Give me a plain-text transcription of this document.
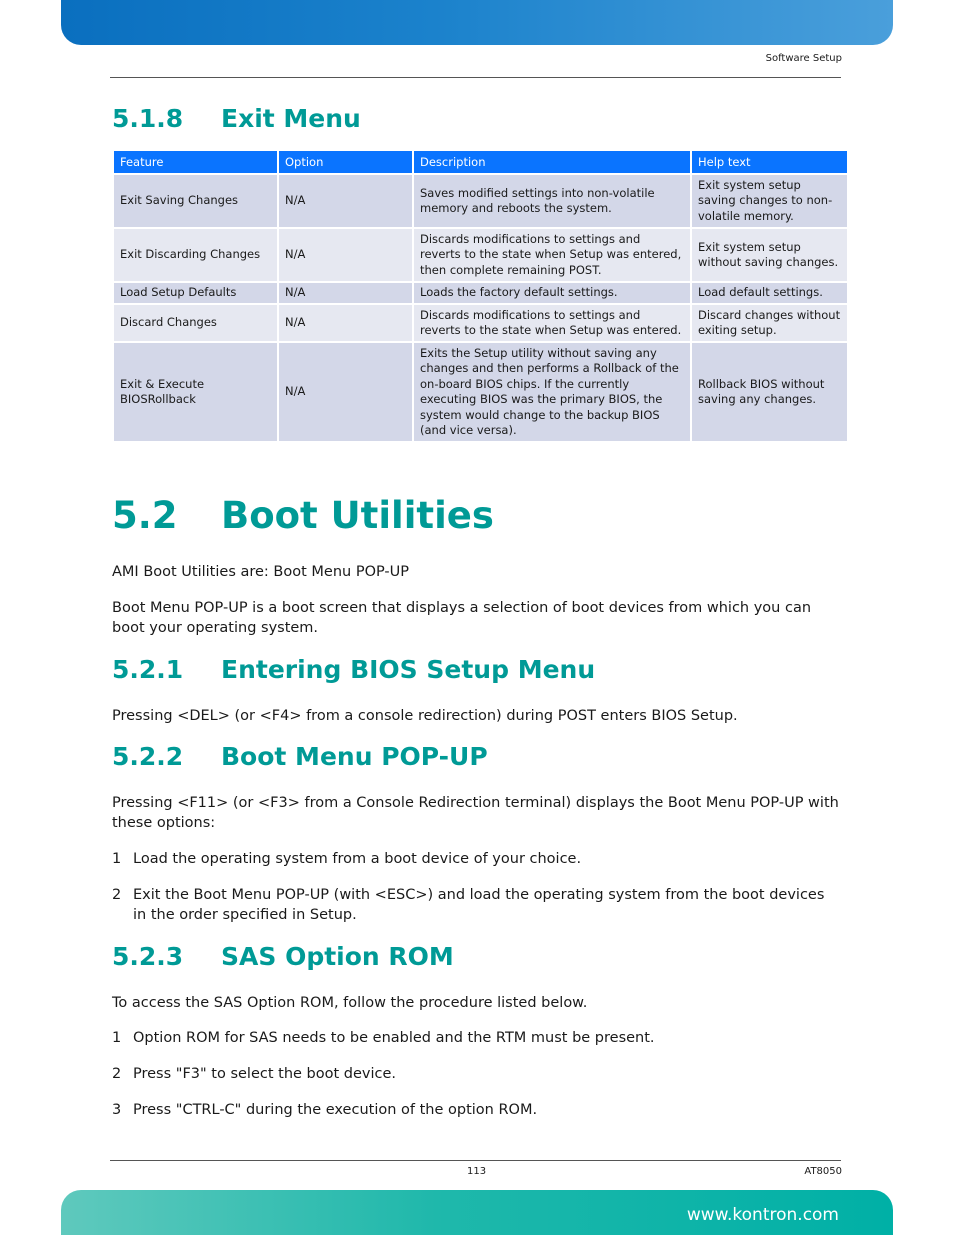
Software Setup
5.1.8 Exit Menu
Feature	Option	Description	Help text
Exit Saving Changes	N/A	Saves modified settings into non-volatile memory and reboots the system.	Exit system setup saving changes to non-volatile memory.
Exit Discarding Changes	N/A	Discards modifications to settings and reverts to the state when Setup was entered, then complete remaining POST.	Exit system setup without saving changes.
Load Setup Defaults	N/A	Loads the factory default settings.	Load default settings.
Discard Changes	N/A	Discards modifications to settings and reverts to the state when Setup was entered.	Discard changes without exiting setup.
Exit & Execute BIOSRollback	N/A	Exits the Setup utility without saving any changes and then performs a Rollback of the on-board BIOS chips. If the currently executing BIOS was the primary BIOS, the system would change to the backup BIOS (and vice versa).	Rollback BIOS without saving any changes.
5.2 Boot Utilities

AMI Boot Utilities are: Boot Menu POP-UP

Boot Menu POP-UP is a boot screen that displays a selection of boot devices from which you can boot your operating system.

5.2.1 Entering BIOS Setup Menu

Pressing <DEL> (or <F4> from a console redirection) during POST enters BIOS Setup.

5.2.2 Boot Menu POP-UP

Pressing <F11> (or <F3> from a Console Redirection terminal) displays the Boot Menu POP-UP with these options:

1 Load the operating system from a boot device of your choice.
2 Exit the Boot Menu POP-UP (with <ESC>) and load the operating system from the boot devices in the order specified in Setup.
5.2.3 SAS Option ROM

To access the SAS Option ROM, follow the procedure listed below.

1 Option ROM for SAS needs to be enabled and the RTM must be present.
2 Press "F3" to select the boot device.
3 Press "CTRL-C" during the execution of the option ROM.
113	AT8050
www.kontron.com
